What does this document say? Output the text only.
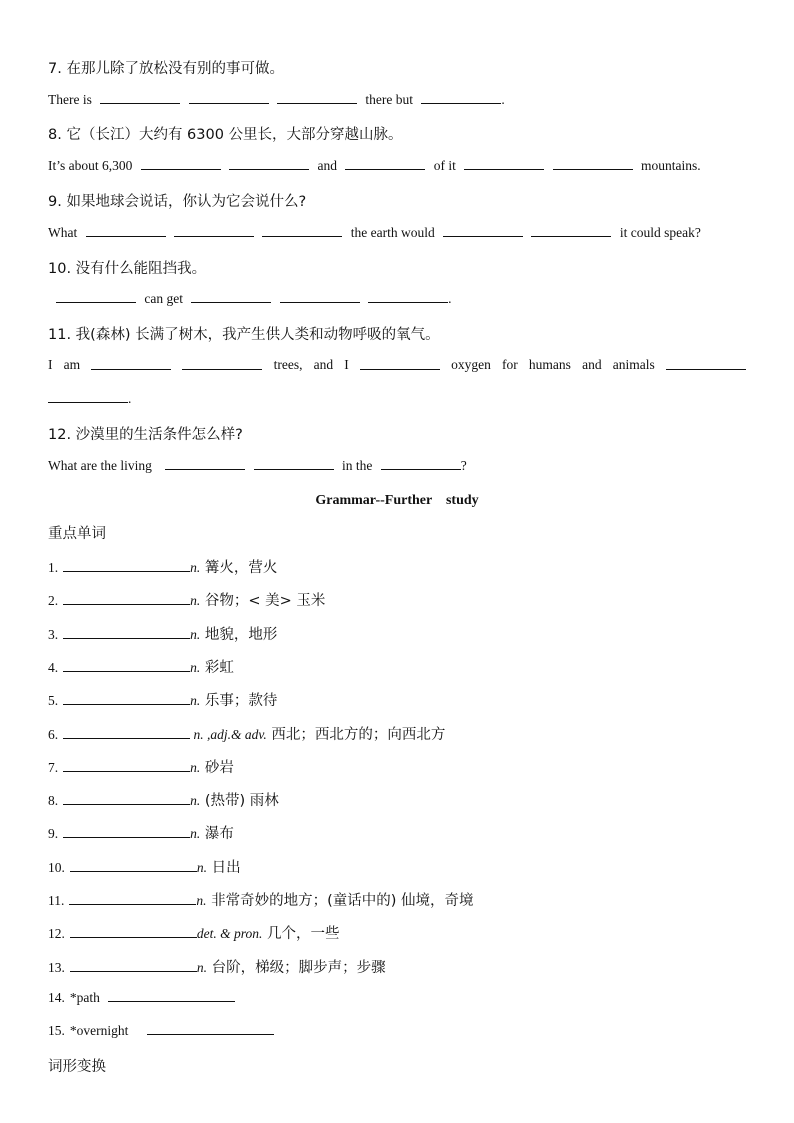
7. 在那儿除了放松没有别的事可做。
There is	there but	.
8. 它（长江）大约有 6300 公里长，大部分穿越山脉。
It’s about 6,300	and	of it	mountains.
9. 如果地球会说话，你认为它会说什么?
What	the earth would	it could speak?
10. 没有什么能阻挡我。
can get	.
11. 我(森林) 长满了树木，我产生供人类和动物呼吸的氧气。
I am	trees, and I	oxygen for humans and animals
.
12. 沙漠里的生活条件怎么样?
What are the living	in the	?
Grammar--Further　study
重点单词
1.	n. 篝火，营火
2.	n. 谷物；< 美> 玉米
3.	n. 地貌，地形
4.	n. 彩虹
5.	n. 乐事；款待
6.	n. ,adj.& adv. 西北；西北方的；向西北方
7.	n. 砂岩
8.	n. (热带) 雨林
9.	n. 瀑布
10.	n. 日出
11.	n. 非常奇妙的地方；(童话中的) 仙境，奇境
12.	det. & pron. 几个，一些
13.	n. 台阶，梯级；脚步声；步骤
14. *path
15. *overnight
词形变换
